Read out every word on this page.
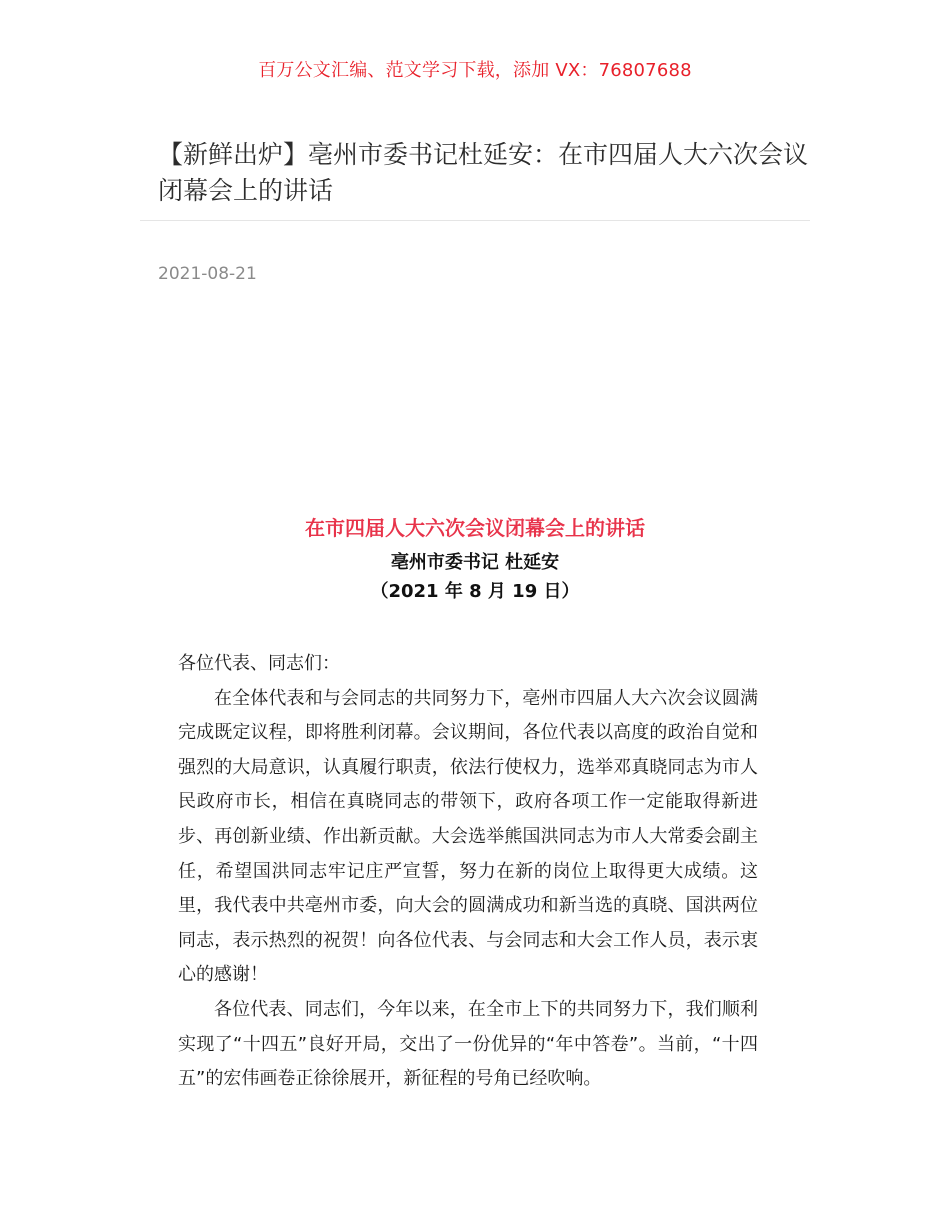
百万公文汇编、范文学习下载，添加 VX：76807688
【新鲜出炉】亳州市委书记杜延安：在市四届人大六次会议闭幕会上的讲话
2021-08-21
在市四届人大六次会议闭幕会上的讲话
亳州市委书记 杜延安
（2021 年 8 月 19 日）

各位代表、同志们：

在全体代表和与会同志的共同努力下，亳州市四届人大六次会议圆满完成既定议程，即将胜利闭幕。会议期间，各位代表以高度的政治自觉和强烈的大局意识，认真履行职责，依法行使权力，选举邓真晓同志为市人民政府市长，相信在真晓同志的带领下，政府各项工作一定能取得新进步、再创新业绩、作出新贡献。大会选举熊国洪同志为市人大常委会副主任，希望国洪同志牢记庄严宣誓，努力在新的岗位上取得更大成绩。这里，我代表中共亳州市委，向大会的圆满成功和新当选的真晓、国洪两位同志，表示热烈的祝贺！向各位代表、与会同志和大会工作人员，表示衷心的感谢！

各位代表、同志们，今年以来，在全市上下的共同努力下，我们顺利实现了“十四五”良好开局，交出了一份优异的“年中答卷”。当前，“十四五”的宏伟画卷正徐徐展开，新征程的号角已经吹响。
